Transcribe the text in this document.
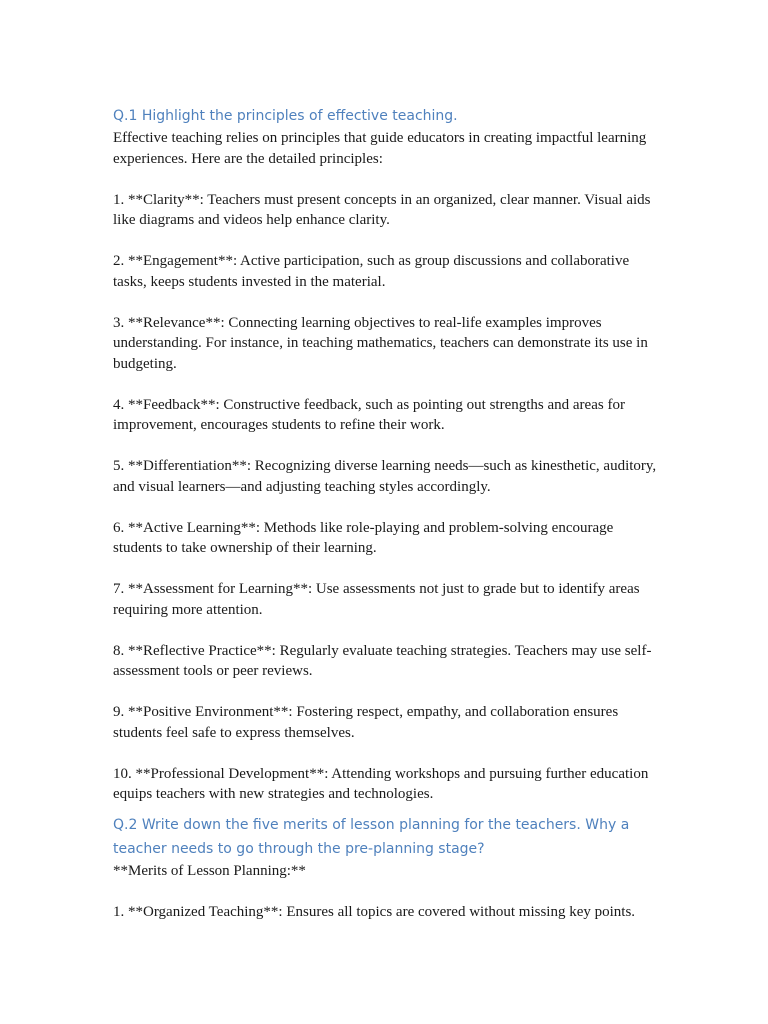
Q.1 Highlight the principles of effective teaching.

Effective teaching relies on principles that guide educators in creating impactful learning experiences. Here are the detailed principles:

1. **Clarity**: Teachers must present concepts in an organized, clear manner. Visual aids like diagrams and videos help enhance clarity.

2. **Engagement**: Active participation, such as group discussions and collaborative tasks, keeps students invested in the material.

3. **Relevance**: Connecting learning objectives to real-life examples improves understanding. For instance, in teaching mathematics, teachers can demonstrate its use in budgeting.

4. **Feedback**: Constructive feedback, such as pointing out strengths and areas for improvement, encourages students to refine their work.

5. **Differentiation**: Recognizing diverse learning needs—such as kinesthetic, auditory, and visual learners—and adjusting teaching styles accordingly.

6. **Active Learning**: Methods like role-playing and problem-solving encourage students to take ownership of their learning.

7. **Assessment for Learning**: Use assessments not just to grade but to identify areas requiring more attention.

8. **Reflective Practice**: Regularly evaluate teaching strategies. Teachers may use self-assessment tools or peer reviews.

9. **Positive Environment**: Fostering respect, empathy, and collaboration ensures students feel safe to express themselves.

10. **Professional Development**: Attending workshops and pursuing further education equips teachers with new strategies and technologies.

Q.2 Write down the five merits of lesson planning for the teachers. Why a teacher needs to go through the pre-planning stage?

**Merits of Lesson Planning:**

1. **Organized Teaching**: Ensures all topics are covered without missing key points.
